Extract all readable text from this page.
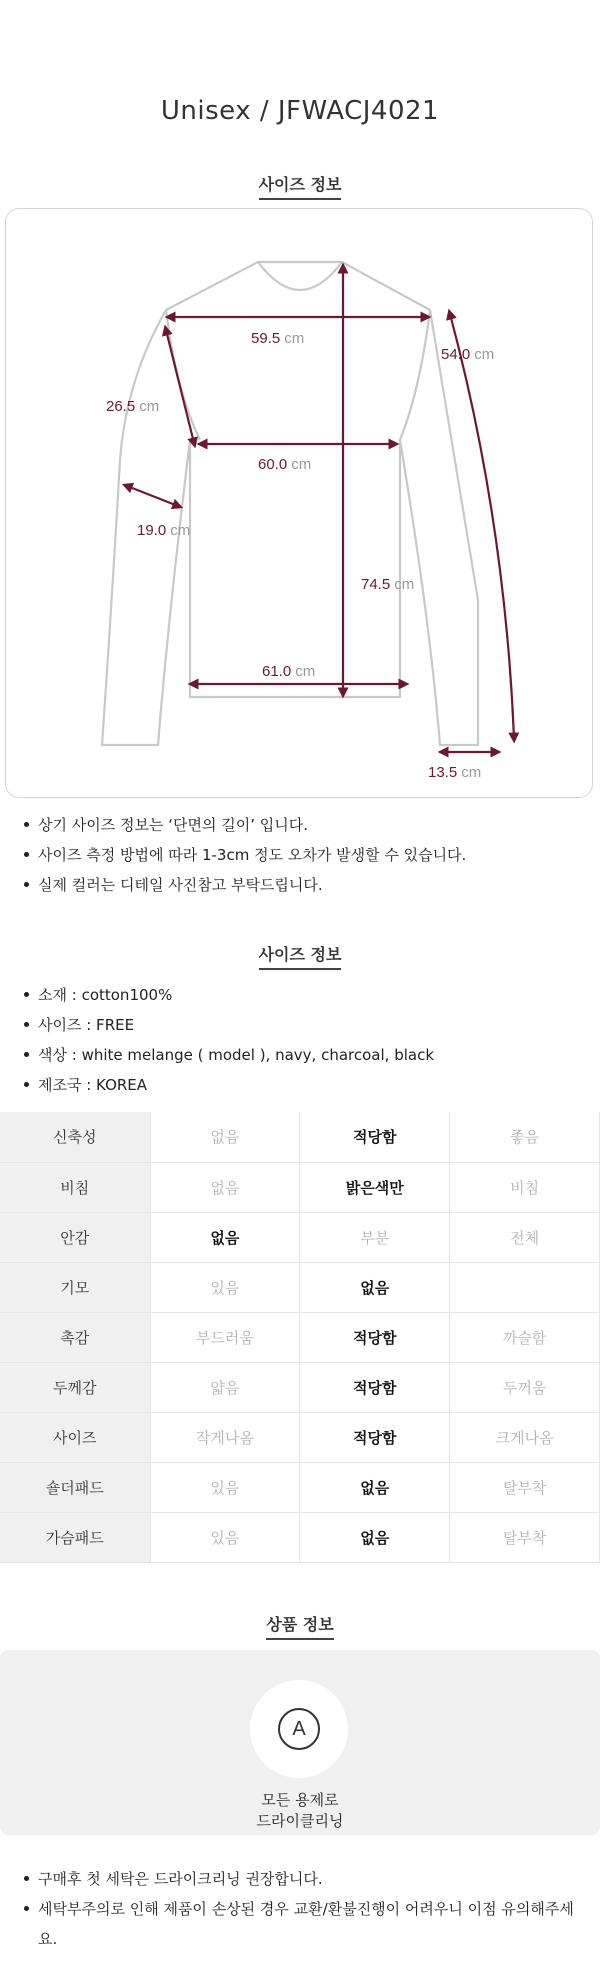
Unisex / JFWACJ4021
사이즈 정보
59.5 cm
54.0 cm
26.5 cm
60.0 cm
19.0 cm
74.5 cm
61.0 cm
13.5 cm
상기 사이즈 정보는 ‘단면의 길이’ 입니다.
사이즈 측정 방법에 따라 1-3cm 정도 오차가 발생할 수 있습니다.
실제 컬러는 디테일 사진참고 부탁드립니다.
사이즈 정보
소재 : cotton100%
사이즈 : FREE
색상 : white melange ( model ), navy, charcoal, black
제조국 : KOREA
신축성	없음	적당함	좋음
비침	없음	밝은색만	비침
안감	없음	부분	전체
기모	있음	없음	
촉감	부드러움	적당함	까슬함
두께감	얇음	적당함	두꺼움
사이즈	작게나옴	적당함	크게나옴
숄더패드	있음	없음	탈부착
가슴패드	있음	없음	탈부착
상품 정보
A
모든 용제로
드라이클리닝
구매후 첫 세탁은 드라이크리닝 권장합니다.
세탁부주의로 인해 제품이 손상된 경우 교환/환불진행이 어려우니 이점 유의해주세
요.
